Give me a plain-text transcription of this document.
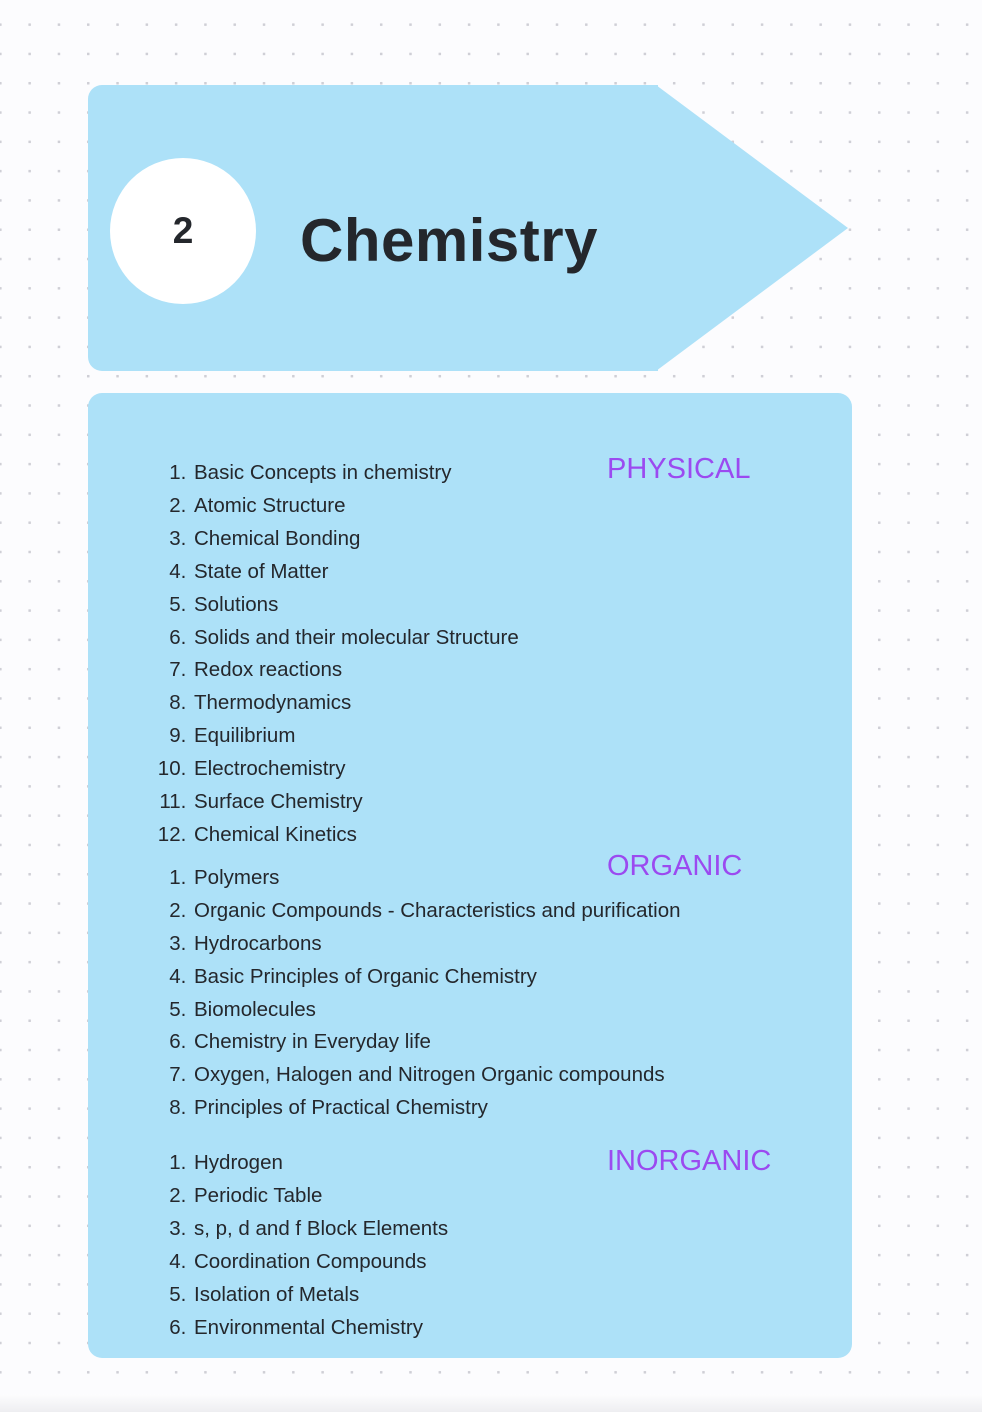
2 Chemistry
PHYSICAL
1. Basic Concepts in chemistry
2. Atomic Structure
3. Chemical Bonding
4. State of Matter
5. Solutions
6. Solids and their molecular Structure
7. Redox reactions
8. Thermodynamics
9. Equilibrium
10. Electrochemistry
11. Surface Chemistry
12. Chemical Kinetics
ORGANIC
1. Polymers
2. Organic Compounds - Characteristics and purification
3. Hydrocarbons
4. Basic Principles of Organic Chemistry
5. Biomolecules
6. Chemistry in Everyday life
7. Oxygen, Halogen and Nitrogen Organic compounds
8. Principles of Practical Chemistry
INORGANIC
1. Hydrogen
2. Periodic Table
3. s, p, d and f Block Elements
4. Coordination Compounds
5. Isolation of Metals
6. Environmental Chemistry
